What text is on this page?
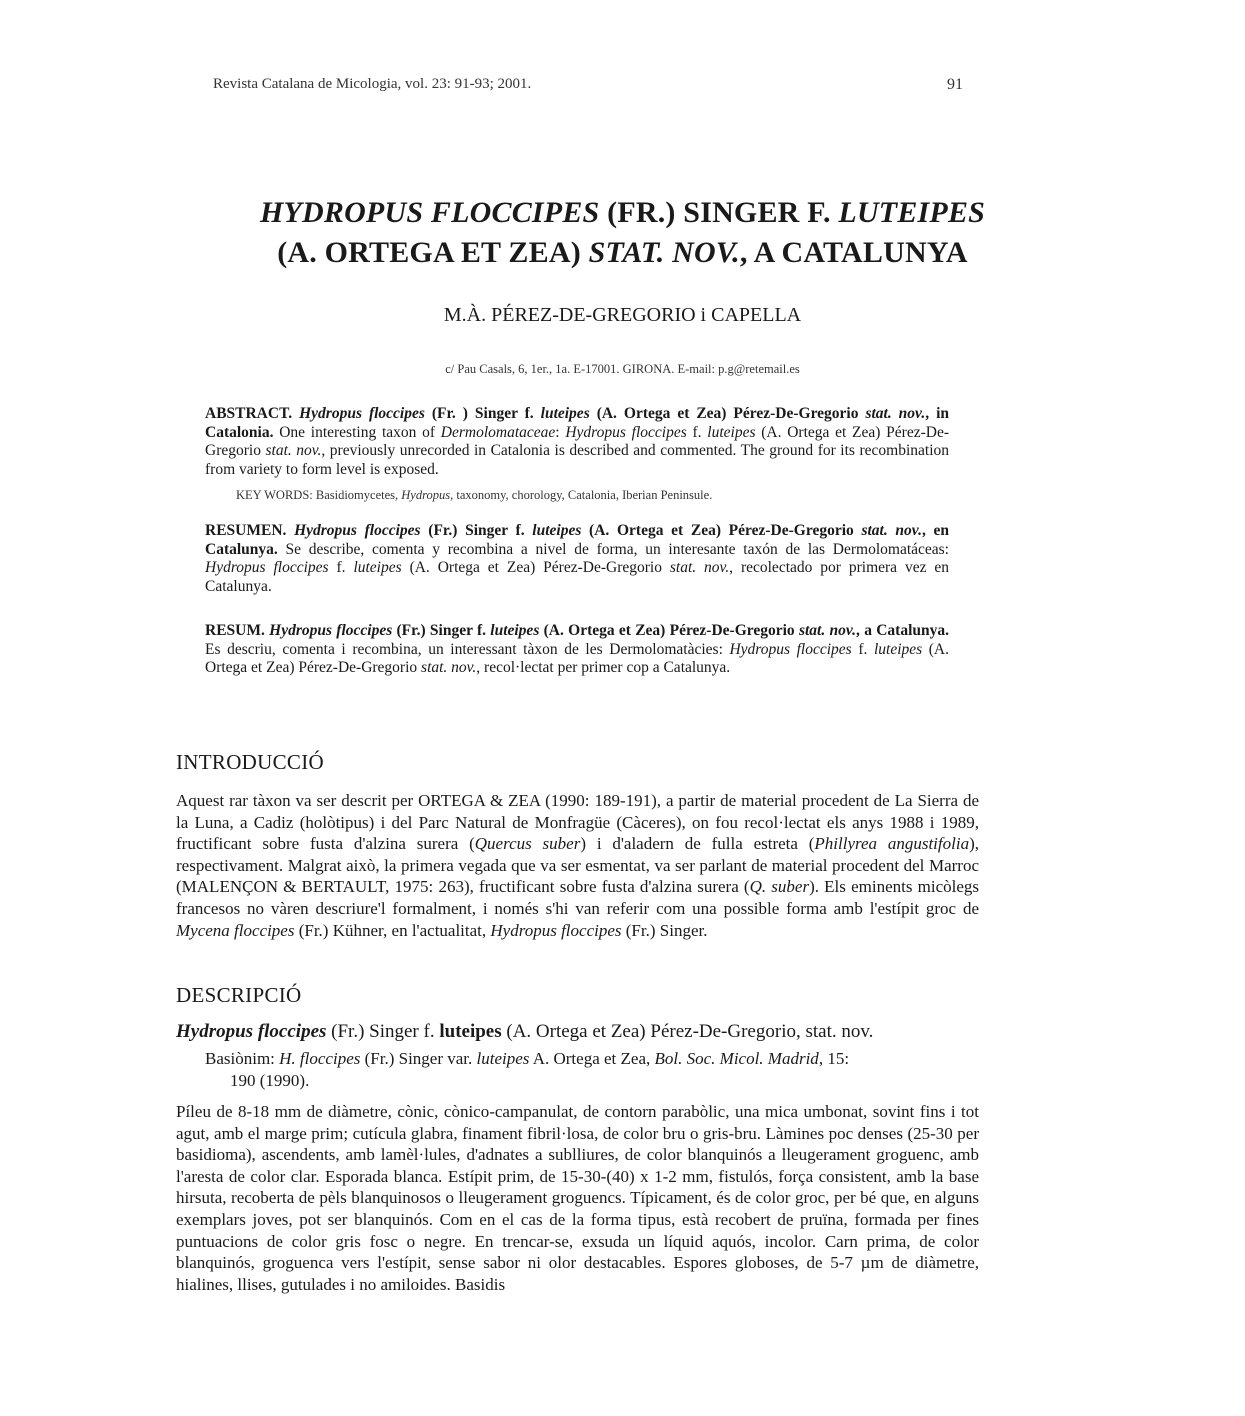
Revista Catalana de Micologia, vol. 23: 91-93; 2001.	91
HYDROPUS FLOCCIPES (FR.) SINGER F. LUTEIPES
(A. ORTEGA ET ZEA) STAT. NOV., A CATALUNYA
M.À. PÉREZ-DE-GREGORIO i CAPELLA
c/ Pau Casals, 6, 1er., 1a. E-17001. GIRONA. E-mail: p.g@retemail.es
ABSTRACT. Hydropus floccipes (Fr. ) Singer f. luteipes (A. Ortega et Zea) Pérez-De-Gregorio stat. nov., in Catalonia. One interesting taxon of Dermolomataceae: Hydropus floccipes f. luteipes (A. Ortega et Zea) Pérez-De-Gregorio stat. nov., previously unrecorded in Catalonia is described and commented. The ground for its recombination from variety to form level is exposed.
KEY WORDS: Basidiomycetes, Hydropus, taxonomy, chorology, Catalonia, Iberian Peninsule.
RESUMEN. Hydropus floccipes (Fr.) Singer f. luteipes (A. Ortega et Zea) Pérez-De-Gregorio stat. nov., en Catalunya. Se describe, comenta y recombina a nivel de forma, un interesante taxón de las Dermolomatáceas: Hydropus floccipes f. luteipes (A. Ortega et Zea) Pérez-De-Gregorio stat. nov., recolectado por primera vez en Catalunya.
RESUM. Hydropus floccipes (Fr.) Singer f. luteipes (A. Ortega et Zea) Pérez-De-Gregorio stat. nov., a Catalunya. Es descriu, comenta i recombina, un interessant tàxon de les Dermolomatàcies: Hydropus floccipes f. luteipes (A. Ortega et Zea) Pérez-De-Gregorio stat. nov., recol·lectat per primer cop a Catalunya.
INTRODUCCIÓ

Aquest rar tàxon va ser descrit per ORTEGA & ZEA (1990: 189-191), a partir de material procedent de La Sierra de la Luna, a Cadiz (holòtipus) i del Parc Natural de Monfragüe (Càceres), on fou recol·lectat els anys 1988 i 1989, fructificant sobre fusta d'alzina surera (Quercus suber) i d'aladern de fulla estreta (Phillyrea angustifolia), respectivament. Malgrat això, la primera vegada que va ser esmentat, va ser parlant de material procedent del Marroc (MALENÇON & BERTAULT, 1975: 263), fructificant sobre fusta d'alzina surera (Q. suber). Els eminents micòlegs francesos no vàren descriure'l formalment, i només s'hi van referir com una possible forma amb l'estípit groc de Mycena floccipes (Fr.) Kühner, en l'actualitat, Hydropus floccipes (Fr.) Singer.

DESCRIPCIÓ
Hydropus floccipes (Fr.) Singer f. luteipes (A. Ortega et Zea) Pérez-De-Gregorio, stat. nov.
Basiònim: H. floccipes (Fr.) Singer var. luteipes A. Ortega et Zea, Bol. Soc. Micol. Madrid, 15:
190 (1990).

Píleu de 8-18 mm de diàmetre, cònic, cònico-campanulat, de contorn parabòlic, una mica umbonat, sovint fins i tot agut, amb el marge prim; cutícula glabra, finament fibril·losa, de color bru o gris-bru. Làmines poc denses (25-30 per basidioma), ascendents, amb lamèl·lules, d'adnates a sublliures, de color blanquinós a lleugerament groguenc, amb l'aresta de color clar. Esporada blanca. Estípit prim, de 15-30-(40) x 1-2 mm, fistulós, força consistent, amb la base hirsuta, recoberta de pèls blanquinosos o lleugerament groguencs. Típicament, és de color groc, per bé que, en alguns exemplars joves, pot ser blanquinós. Com en el cas de la forma tipus, està recobert de pruïna, formada per fines puntuacions de color gris fosc o negre. En trencar-se, exsuda un líquid aquós, incolor. Carn prima, de color blanquinós, groguenca vers l'estípit, sense sabor ni olor destacables. Espores globoses, de 5-7 µm de diàmetre, hialines, llises, gutulades i no amiloides. Basidis
